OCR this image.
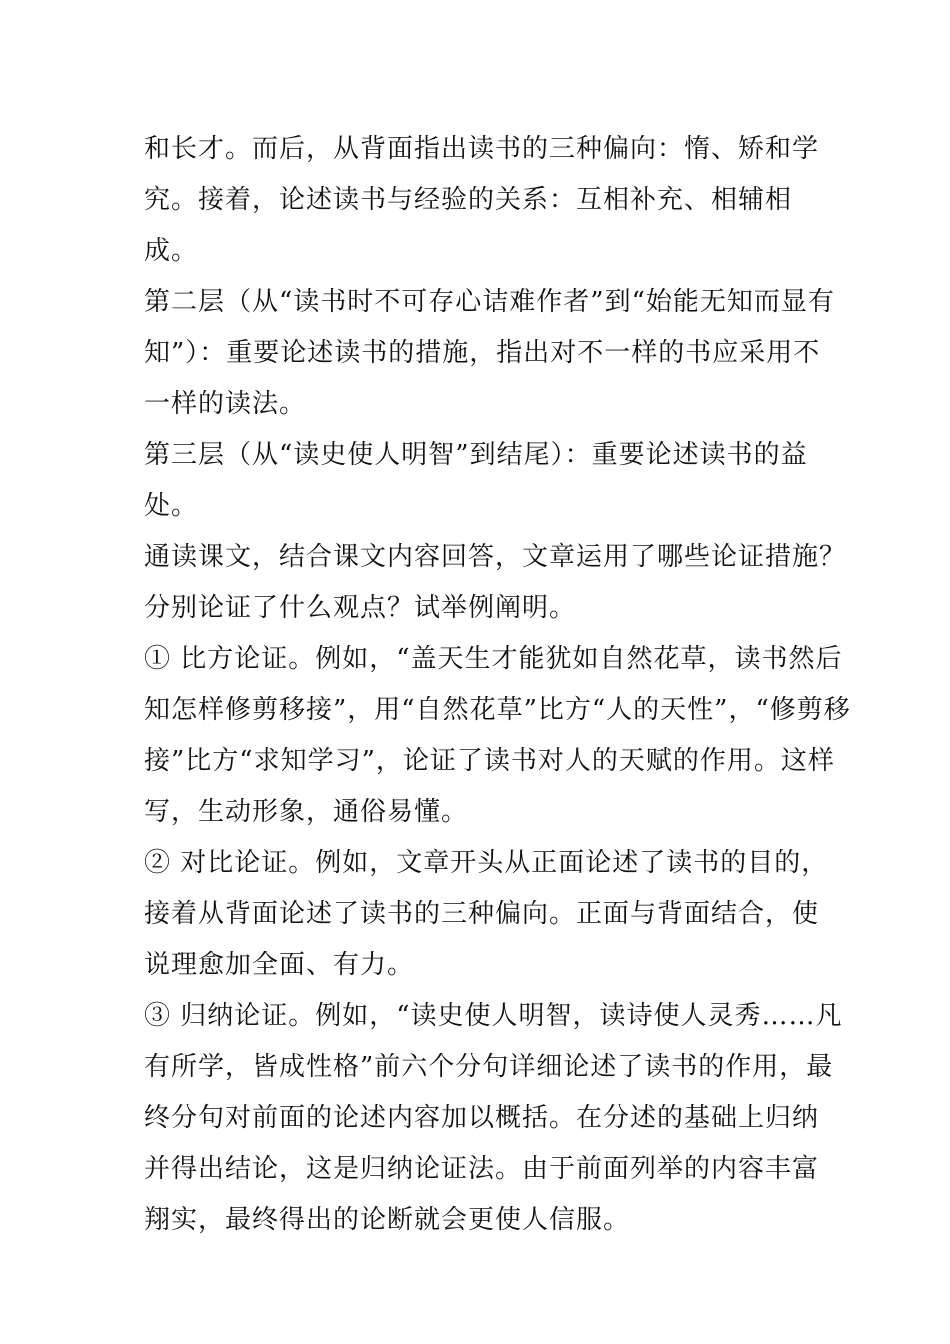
和长才。而后，从背面指出读书的三种偏向：惰、矫和学
究。接着，论述读书与经验的关系：互相补充、相辅相
成。
第二层（从“读书时不可存心诘难作者”到“始能无知而显有
知”）：重要论述读书的措施，指出对不一样的书应采用不
一样的读法。
第三层（从“读史使人明智”到结尾）：重要论述读书的益
处。
通读课文，结合课文内容回答，文章运用了哪些论证措施？
分别论证了什么观点？试举例阐明。
① 比方论证。例如，“盖天生才能犹如自然花草，读书然后
知怎样修剪移接”，用“自然花草”比方“人的天性”，“修剪移
接”比方“求知学习”，论证了读书对人的天赋的作用。这样
写，生动形象，通俗易懂。
② 对比论证。例如，文章开头从正面论述了读书的目的，
接着从背面论述了读书的三种偏向。正面与背面结合，使
说理愈加全面、有力。
③ 归纳论证。例如，“读史使人明智，读诗使人灵秀……凡
有所学，皆成性格”前六个分句详细论述了读书的作用，最
终分句对前面的论述内容加以概括。在分述的基础上归纳
并得出结论，这是归纳论证法。由于前面列举的内容丰富
翔实，最终得出的论断就会更使人信服。
